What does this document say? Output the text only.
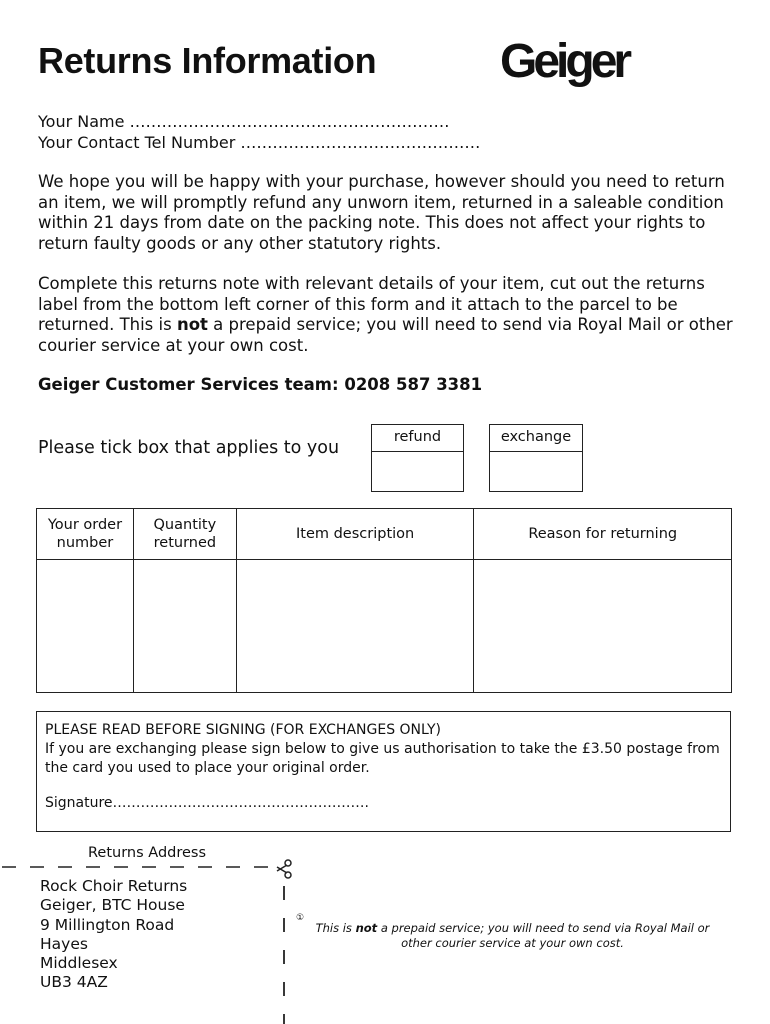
Returns Information	Geiger
Your Name ……………………………………………………
Your Contact Tel Number ………………………………………
We hope you will be happy with your purchase, however should you need to return an item, we will promptly refund any unworn item, returned in a saleable condition within 21 days from date on the packing note. This does not affect your rights to return faulty goods or any other statutory rights.
Complete this returns note with relevant details of your item, cut out the returns label from the bottom left corner of this form and it attach to the parcel to be returned. This is not a prepaid service; you will need to send via Royal Mail or other courier service at your own cost.
Geiger Customer Services team: 0208 587 3381
Please tick box that applies to you
refund	exchange
Your order number	Quantity returned	Item description	Reason for returning

PLEASE READ BEFORE SIGNING (FOR EXCHANGES ONLY)
If you are exchanging please sign below to give us authorisation to take the £3.50 postage from the card you used to place your original order.
Signature……………………………………………….
Returns Address
Rock Choir Returns
Geiger, BTC House
9 Millington Road
Hayes
Middlesex
UB3 4AZ
①
This is not a prepaid service; you will need to send via Royal Mail or other courier service at your own cost.
